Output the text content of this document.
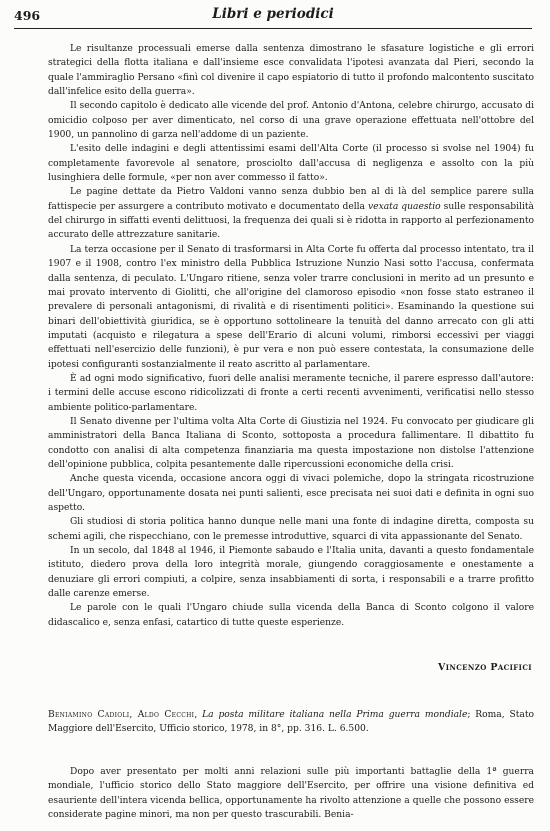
496	Libri e periodici

Le risultanze processuali emerse dalla sentenza dimostrano le sfasature logistiche e gli errori strategici della flotta italiana e dall'insieme esce convalidata l'ipotesi avanzata dal Pieri, secondo la quale l'ammiraglio Persano «finì col divenire il capo espiatorio di tutto il profondo malcontento suscitato dall'infelice esito della guerra».

Il secondo capitolo è dedicato alle vicende del prof. Antonio d'Antona, celebre chirurgo, accusato di omicidio colposo per aver dimenticato, nel corso di una grave operazione effettuata nell'ottobre del 1900, un pannolino di garza nell'addome di un paziente.

L'esito delle indagini e degli attentissimi esami dell'Alta Corte (il processo si svolse nel 1904) fu completamente favorevole al senatore, prosciolto dall'accusa di negligenza e assolto con la più lusinghiera delle formule, «per non aver commesso il fatto».

Le pagine dettate da Pietro Valdoni vanno senza dubbio ben al di là del semplice parere sulla fattispecie per assurgere a contributo motivato e documentato della vexata quaestio sulle responsabilità del chirurgo in siffatti eventi delittuosi, la frequenza dei quali si è ridotta in rapporto al perfezionamento accurato delle attrezzature sanitarie.

La terza occasione per il Senato di trasformarsi in Alta Corte fu offerta dal processo intentato, tra il 1907 e il 1908, contro l'ex ministro della Pubblica Istruzione Nunzio Nasi sotto l'accusa, confermata dalla sentenza, di peculato. L'Ungaro ritiene, senza voler trarre conclusioni in merito ad un presunto e mai provato intervento di Giolitti, che all'origine del clamoroso episodio «non fosse stato estraneo il prevalere di personali antagonismi, di rivalità e di risentimenti politici». Esaminando la questione sui binari dell'obiettività giuridica, se è opportuno sottolineare la tenuità del danno arrecato con gli atti imputati (acquisto e rilegatura a spese dell'Erario di alcuni volumi, rimborsi eccessivi per viaggi effettuati nell'esercizio delle funzioni), è pur vera e non può essere contestata, la consumazione delle ipotesi configuranti sostanzialmente il reato ascritto al parlamentare.

È ad ogni modo significativo, fuori delle analisi meramente tecniche, il parere espresso dall'autore: i termini delle accuse escono ridicolizzati di fronte a certi recenti avvenimenti, verificatisi nello stesso ambiente politico-parlamentare.

Il Senato divenne per l'ultima volta Alta Corte di Giustizia nel 1924. Fu convocato per giudicare gli amministratori della Banca Italiana di Sconto, sottoposta a procedura fallimentare. Il dibattito fu condotto con analisi di alta competenza finanziaria ma questa impostazione non distolse l'attenzione dell'opinione pubblica, colpita pesantemente dalle ripercussioni economiche della crisi.

Anche questa vicenda, occasione ancora oggi di vivaci polemiche, dopo la stringata ricostruzione dell'Ungaro, opportunamente dosata nei punti salienti, esce precisata nei suoi dati e definita in ogni suo aspetto.

Gli studiosi di storia politica hanno dunque nelle mani una fonte di indagine diretta, composta su schemi agili, che rispecchiano, con le premesse introduttive, squarci di vita appassionante del Senato.

In un secolo, dal 1848 al 1946, il Piemonte sabaudo e l'Italia unita, davanti a questo fondamentale istituto, diedero prova della loro integrità morale, giungendo coraggiosamente e onestamente a denuziare gli errori compiuti, a colpire, senza insabbiamenti di sorta, i responsabili e a trarre profitto dalle carenze emerse.

Le parole con le quali l'Ungaro chiude sulla vicenda della Banca di Sconto colgono il valore didascalico e, senza enfasi, catartico di tutte queste esperienze.

Vincenzo Pacifici
Beniamino Cadioli, Aldo Cecchi, La posta militare italiana nella Prima guerra mondiale; Roma, Stato Maggiore dell'Esercito, Ufficio storico, 1978, in 8°, pp. 316. L. 6.500.

Dopo aver presentato per molti anni relazioni sulle più importanti battaglie della 1ª guerra mondiale, l'ufficio storico dello Stato maggiore dell'Esercito, per offrire una visione definitiva ed esauriente dell'intera vicenda bellica, opportunamente ha rivolto attenzione a quelle che possono essere considerate pagine minori, ma non per questo trascurabili. Benia-
